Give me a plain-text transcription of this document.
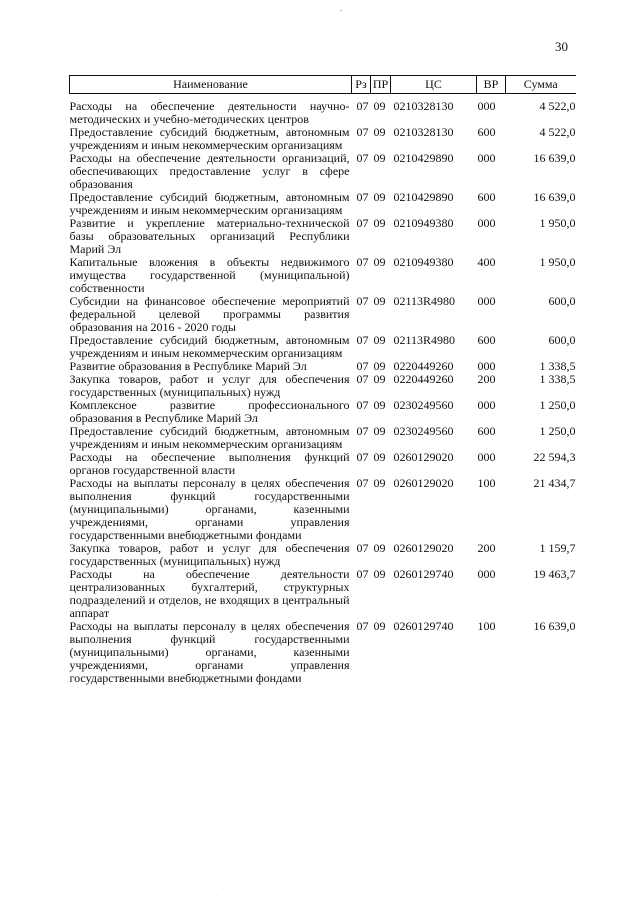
30
Наименование	Рз	ПР	ЦС	ВР	Сумма
Расходы на обеспечение деятельности научно-методических и учебно-методических центров	07	09	0210328130	000	4 522,0
Предоставление субсидий бюджетным, автономным учреждениям и иным некоммерческим организациям	07	09	0210328130	600	4 522,0
Расходы на обеспечение деятельности организаций, обеспечивающих предоставление услуг в сфере образования	07	09	0210429890	000	16 639,0
Предоставление субсидий бюджетным, автономным учреждениям и иным некоммерческим организациям	07	09	0210429890	600	16 639,0
Развитие и укрепление материально-технической базы образовательных организаций Республики Марий Эл	07	09	0210949380	000	1 950,0
Капитальные вложения в объекты недвижимого имущества государственной (муниципальной) собственности	07	09	0210949380	400	1 950,0
Субсидии на финансовое обеспечение мероприятий федеральной целевой программы развития образования на 2016 - 2020 годы	07	09	02113R4980	000	600,0
Предоставление субсидий бюджетным, автономным учреждениям и иным некоммерческим организациям	07	09	02113R4980	600	600,0
Развитие образования в Республике Марий Эл	07	09	0220449260	000	1 338,5
Закупка товаров, работ и услуг для обеспечения государственных (муниципальных) нужд	07	09	0220449260	200	1 338,5
Комплексное развитие профессионального образования в Республике Марий Эл	07	09	0230249560	000	1 250,0
Предоставление субсидий бюджетным, автономным учреждениям и иным некоммерческим организациям	07	09	0230249560	600	1 250,0
Расходы на обеспечение выполнения функций органов государственной власти	07	09	0260129020	000	22 594,3
Расходы на выплаты персоналу в целях обеспечения выполнения функций государственными (муниципальными) органами, казенными учреждениями, органами управления государственными внебюджетными фондами	07	09	0260129020	100	21 434,7
Закупка товаров, работ и услуг для обеспечения государственных (муниципальных) нужд	07	09	0260129020	200	1 159,7
Расходы на обеспечение деятельности централизованных бухгалтерий, структурных подразделений и отделов, не входящих в центральный аппарат	07	09	0260129740	000	19 463,7
Расходы на выплаты персоналу в целях обеспечения выполнения функций государственными (муниципальными) органами, казенными учреждениями, органами управления государственными внебюджетными фондами	07	09	0260129740	100	16 639,0
· · · ·
